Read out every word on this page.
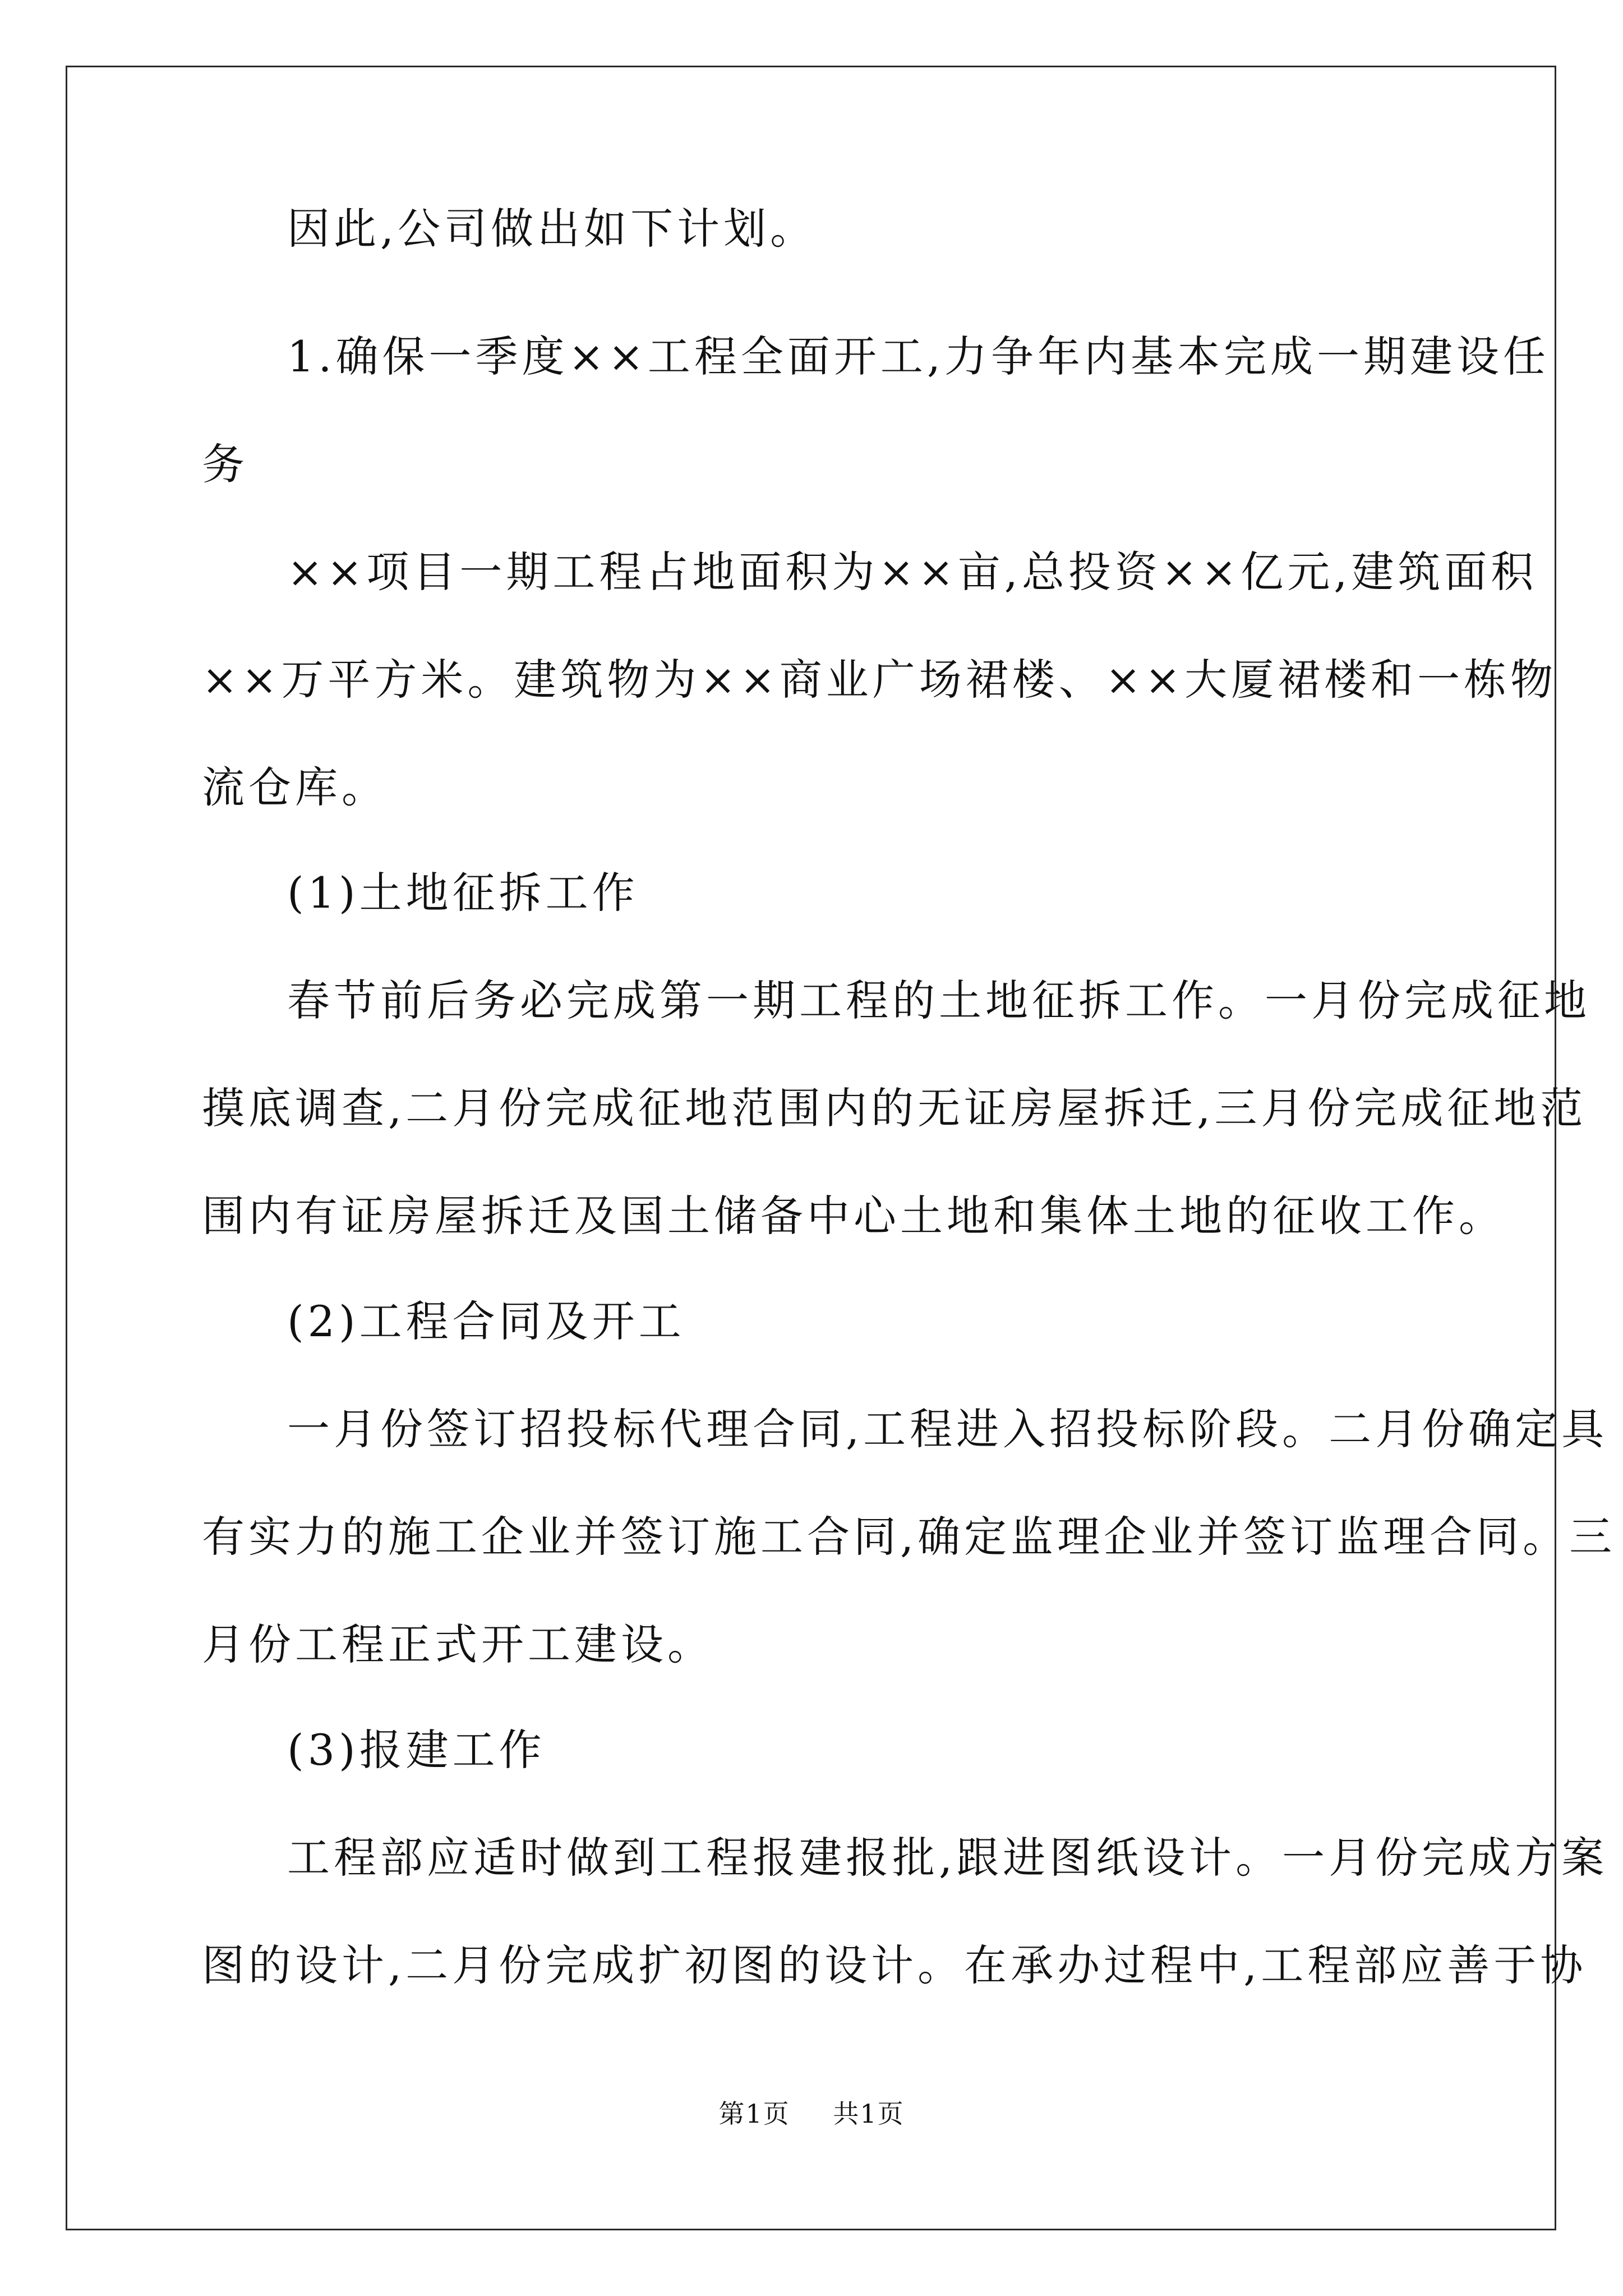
因此,公司做出如下计划。
1.确保一季度××工程全面开工,力争年内基本完成一期建设任
务
××项目一期工程占地面积为××亩,总投资××亿元,建筑面积
××万平方米。建筑物为××商业广场裙楼、××大厦裙楼和一栋物
流仓库。
(1)土地征拆工作
春节前后务必完成第一期工程的土地征拆工作。一月份完成征地
摸底调查,二月份完成征地范围内的无证房屋拆迁,三月份完成征地范
围内有证房屋拆迁及国土储备中心土地和集体土地的征收工作。
(2)工程合同及开工
一月份签订招投标代理合同,工程进入招投标阶段。二月份确定具
有实力的施工企业并签订施工合同,确定监理企业并签订监理合同。三
月份工程正式开工建设。
(3)报建工作
工程部应适时做到工程报建报批,跟进图纸设计。一月份完成方案
图的设计,二月份完成扩初图的设计。在承办过程中,工程部应善于协
第1页 共1页
